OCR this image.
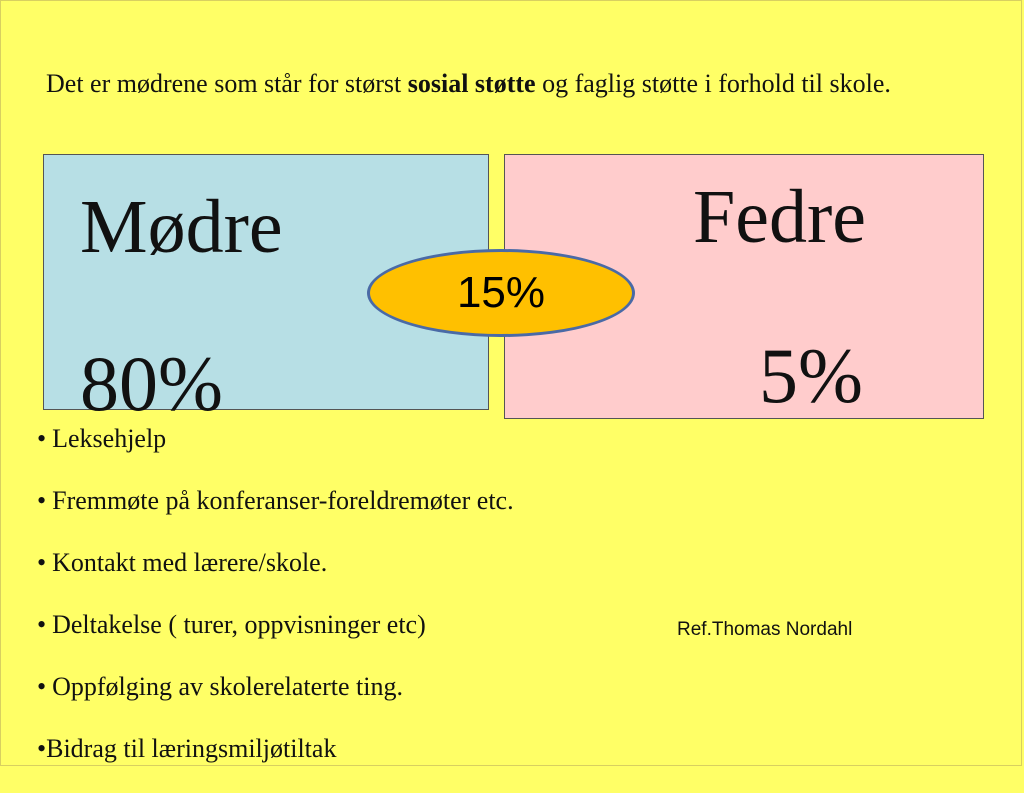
Det er mødrene som står for størst sosial støtte og faglig støtte i forhold til skole.

Mødre
80%
Fedre
5%
15%
• Leksehjelp
• Fremmøte på konferanser-foreldremøter etc.
• Kontakt med lærere/skole.
• Deltakelse ( turer, oppvisninger etc)
• Oppfølging av skolerelaterte ting.
•Bidrag til læringsmiljøtiltak
Ref.Thomas Nordahl
